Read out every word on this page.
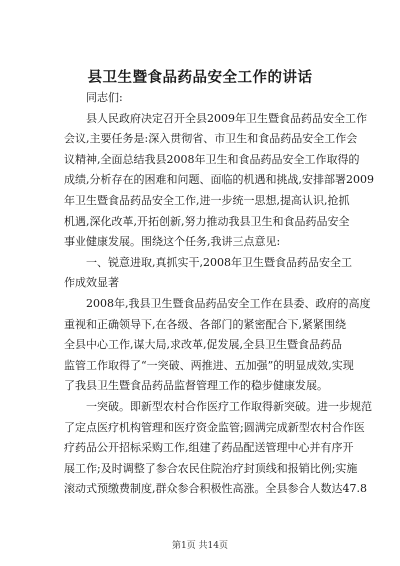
县卫生暨食品药品安全工作的讲话
同志们:
县人民政府决定召开全县2009年卫生暨食品药品安全工作
会议,主要任务是:深入贯彻省、市卫生和食品药品安全工作会
议精神,全面总结我县2008年卫生和食品药品安全工作取得的
成绩,分析存在的困难和问题、面临的机遇和挑战,安排部署2009
年卫生暨食品药品安全工作,进一步统一思想,提高认识,抢抓
机遇,深化改革,开拓创新,努力推动我县卫生和食品药品安全
事业健康发展。围绕这个任务,我讲三点意见:
一、锐意进取,真抓实干,2008年卫生暨食品药品安全工
作成效显著
2008年,我县卫生暨食品药品安全工作在县委、政府的高度
重视和正确领导下,在各级、各部门的紧密配合下,紧紧围绕
全县中心工作,谋大局,求改革,促发展,全县卫生暨食品药品
监管工作取得了“一突破、两推进、五加强”的明显成效,实现
了我县卫生暨食品药品监督管理工作的稳步健康发展。
一突破。即新型农村合作医疗工作取得新突破。进一步规范
了定点医疗机构管理和医疗资金监管;圆满完成新型农村合作医
疗药品公开招标采购工作,组建了药品配送管理中心并有序开
展工作;及时调整了参合农民住院治疗封顶线和报销比例;实施
滚动式预缴费制度,群众参合积极性高涨。全县参合人数达47.8
第1页 共14页
